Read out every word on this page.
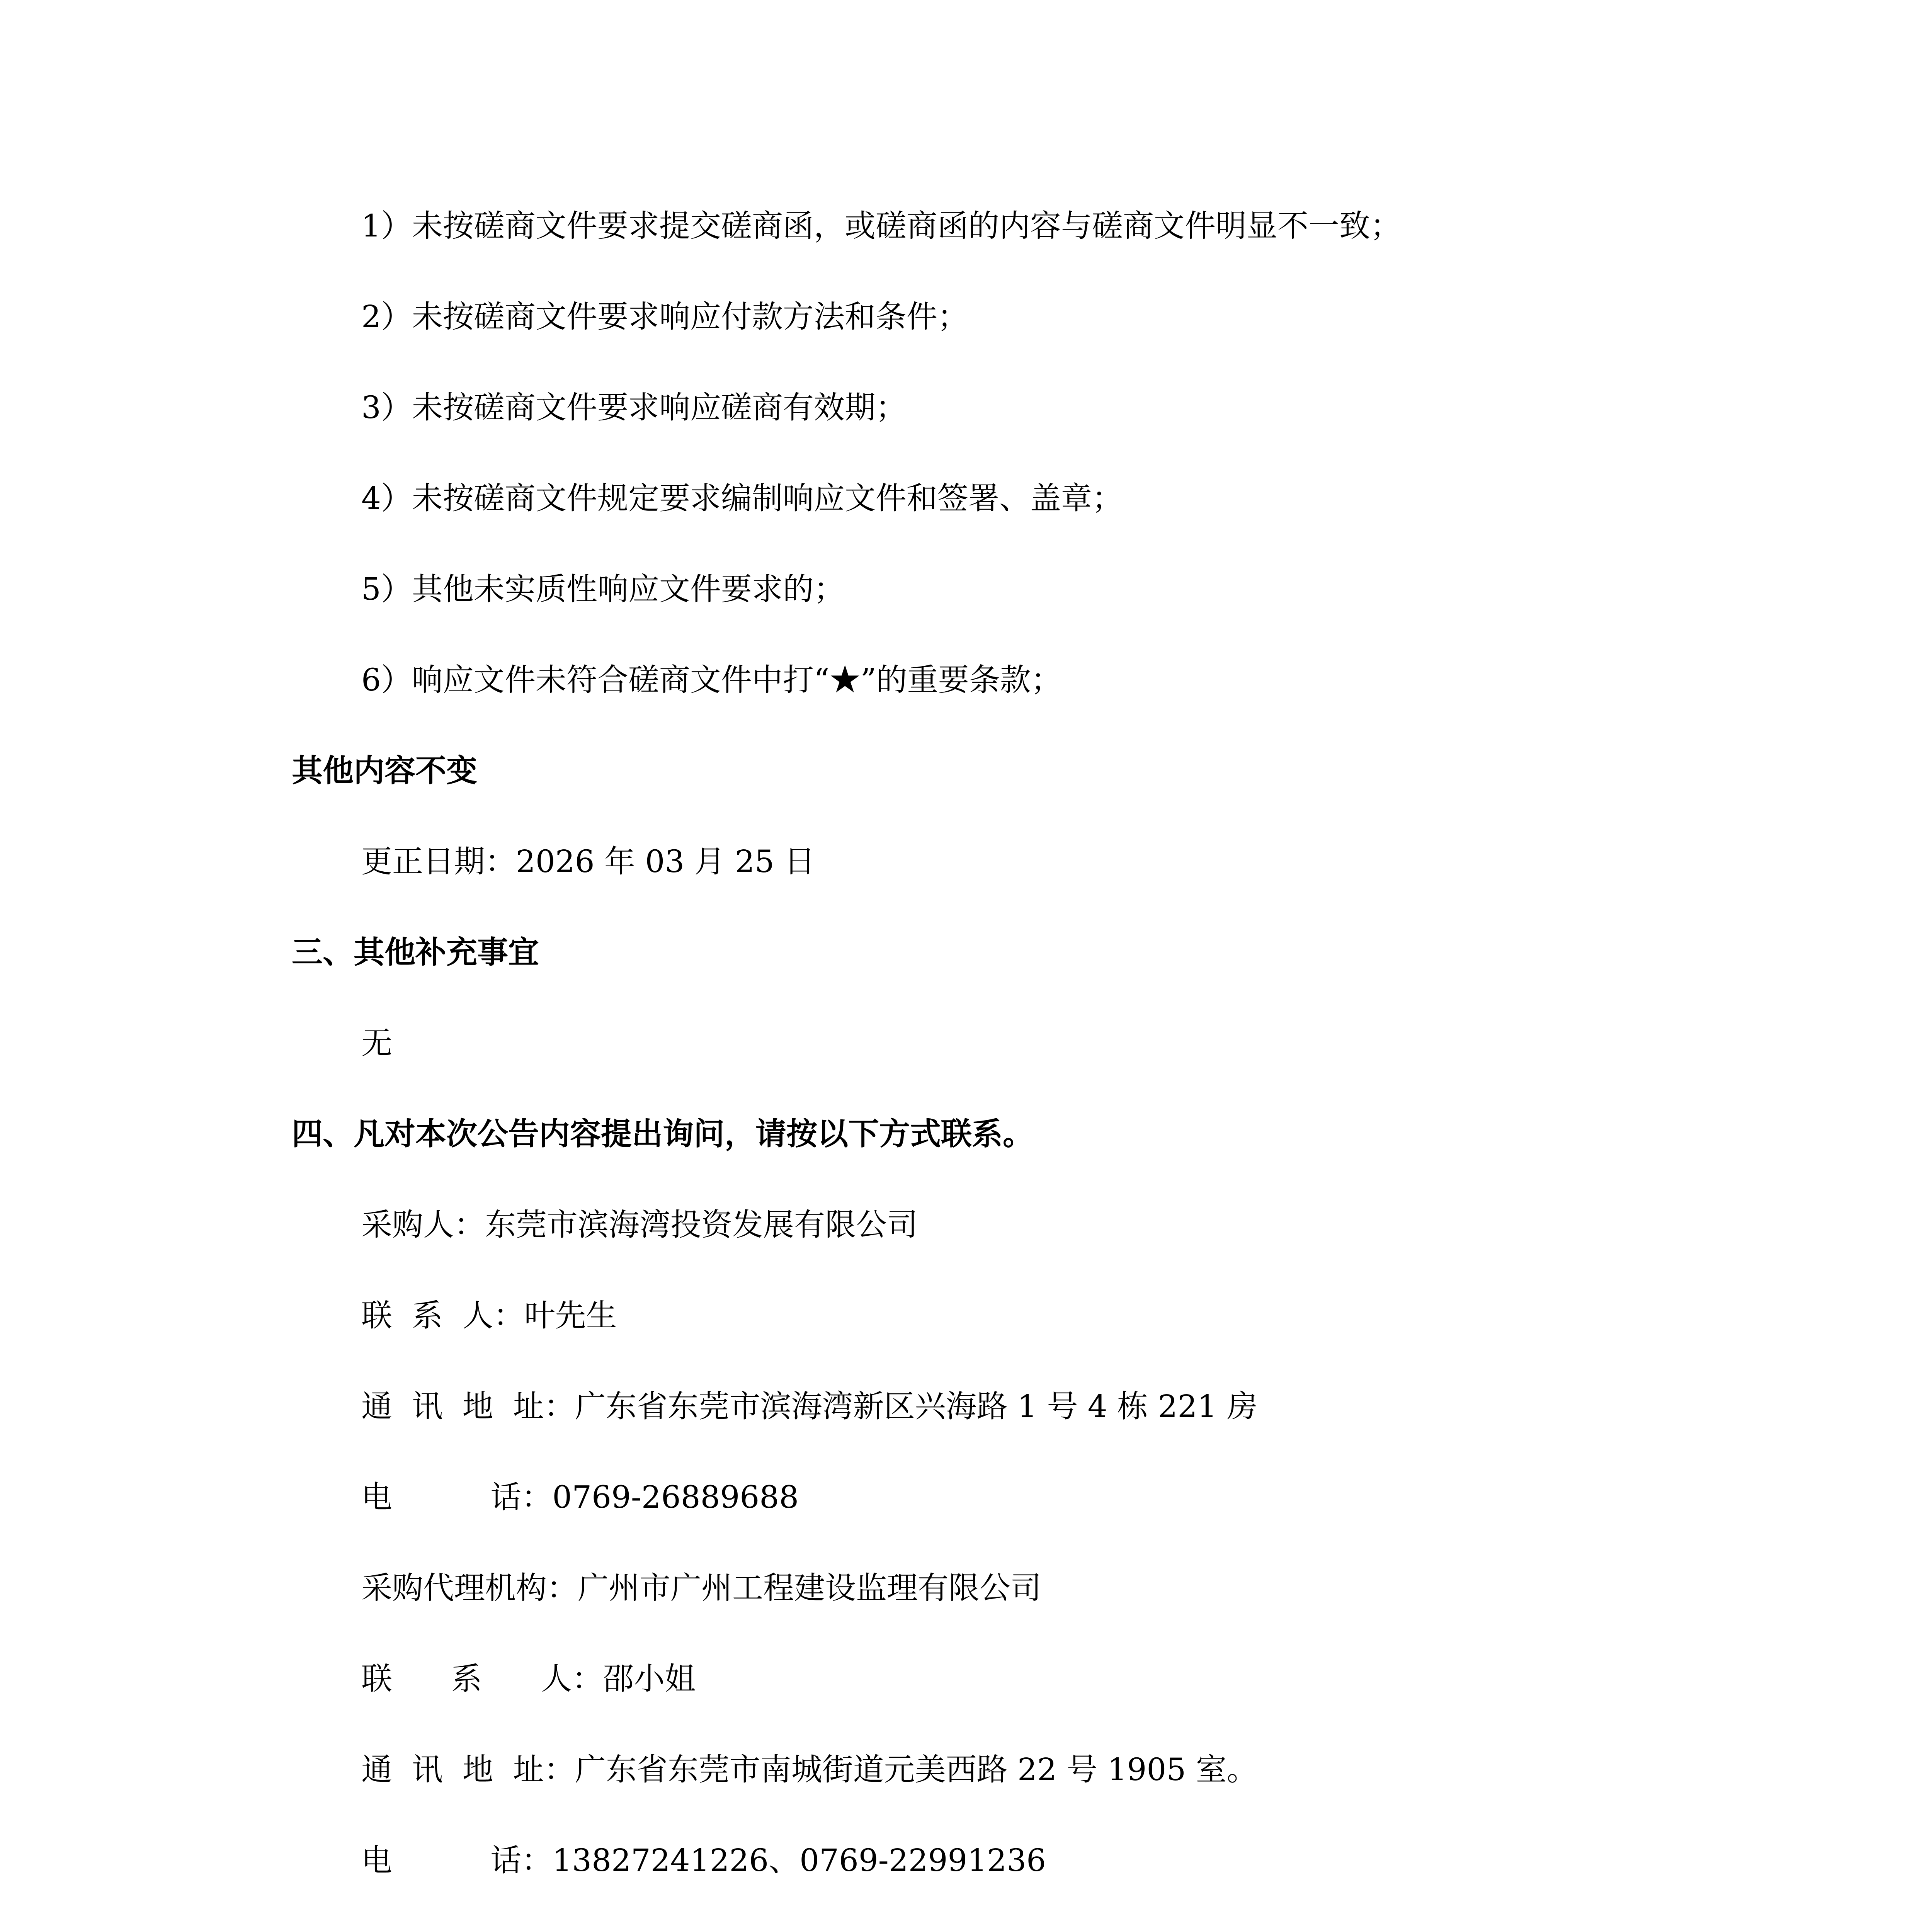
1）未按磋商文件要求提交磋商函，或磋商函的内容与磋商文件明显不一致；

2）未按磋商文件要求响应付款方法和条件；

3）未按磋商文件要求响应磋商有效期；

4）未按磋商文件规定要求编制响应文件和签署、盖章；

5）其他未实质性响应文件要求的；

6）响应文件未符合磋商文件中打“★”的重要条款；

其他内容不变

更正日期：2026 年 03 月 25 日

三、其他补充事宜

无

四、凡对本次公告内容提出询问，请按以下方式联系。

采购人：东莞市滨海湾投资发展有限公司

联  系  人：叶先生

通  讯  地  址：广东省东莞市滨海湾新区兴海路 1 号 4 栋 221 房

电          话：0769-26889688

采购代理机构：广州市广州工程建设监理有限公司

联      系      人：邵小姐

通  讯  地  址：广东省东莞市南城街道元美西路 22 号 1905 室。

电          话：13827241226、0769-22991236
